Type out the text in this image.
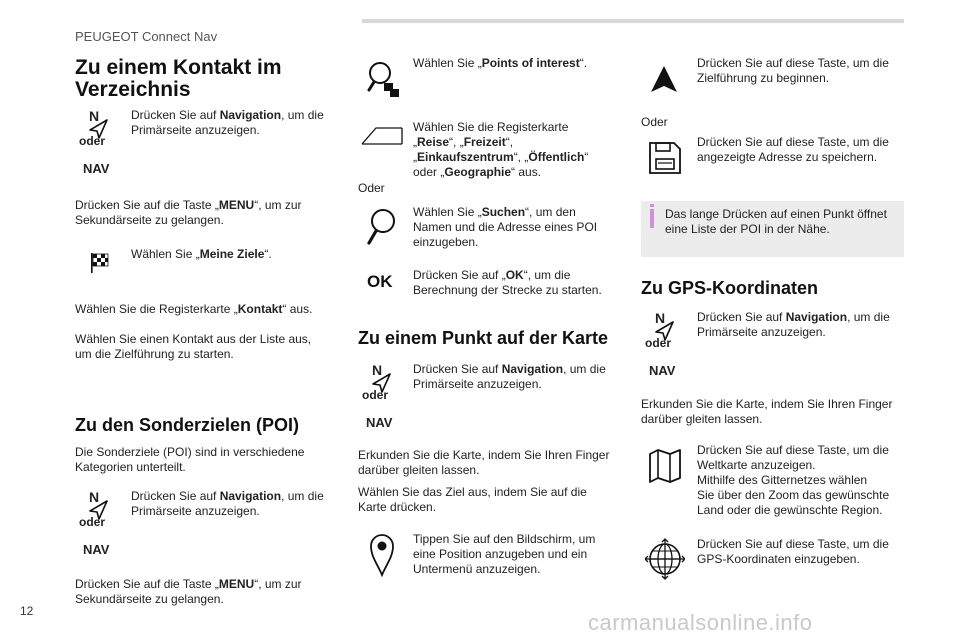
PEUGEOT Connect Nav
Zu einem Kontakt im
Verzeichnis
N
oder
NAV
Drücken Sie auf Navigation, um die
Primärseite anzuzeigen.
Drücken Sie auf die Taste „MENU“, um zur
Sekundärseite zu gelangen.
Wählen Sie „Meine Ziele“.
Wählen Sie die Registerkarte „Kontakt“ aus.
Wählen Sie einen Kontakt aus der Liste aus,
um die Zielführung zu starten.
Zu den Sonderzielen (POI)
Die Sonderziele (POI) sind in verschiedene
Kategorien unterteilt.
N
oder
NAV
Drücken Sie auf Navigation, um die
Primärseite anzuzeigen.
Drücken Sie auf die Taste „MENU“, um zur
Sekundärseite zu gelangen.
Wählen Sie „Points of interest“.
Wählen Sie die Registerkarte
„Reise“, „Freizeit“,
„Einkaufszentrum“, „Öffentlich“
oder „Geographie“ aus.
Oder
Wählen Sie „Suchen“, um den
Namen und die Adresse eines POI
einzugeben.
OK Drücken Sie auf „OK“, um die
Berechnung der Strecke zu starten.
Zu einem Punkt auf der Karte
N
oder
NAV
Drücken Sie auf Navigation, um die
Primärseite anzuzeigen.
Erkunden Sie die Karte, indem Sie Ihren Finger
darüber gleiten lassen.
Wählen Sie das Ziel aus, indem Sie auf die
Karte drücken.
Tippen Sie auf den Bildschirm, um
eine Position anzugeben und ein
Untermenü anzuzeigen.
Drücken Sie auf diese Taste, um die
Zielführung zu beginnen.
Oder
Drücken Sie auf diese Taste, um die
angezeigte Adresse zu speichern.
Das lange Drücken auf einen Punkt öffnet
eine Liste der POI in der Nähe.
Zu GPS-Koordinaten
N
oder
NAV
Drücken Sie auf Navigation, um die
Primärseite anzuzeigen.
Erkunden Sie die Karte, indem Sie Ihren Finger
darüber gleiten lassen.
Drücken Sie auf diese Taste, um die
Weltkarte anzuzeigen.
Mithilfe des Gitternetzes wählen
Sie über den Zoom das gewünschte
Land oder die gewünschte Region.
Drücken Sie auf diese Taste, um die
GPS-Koordinaten einzugeben.
12	carmanualsonline.info
